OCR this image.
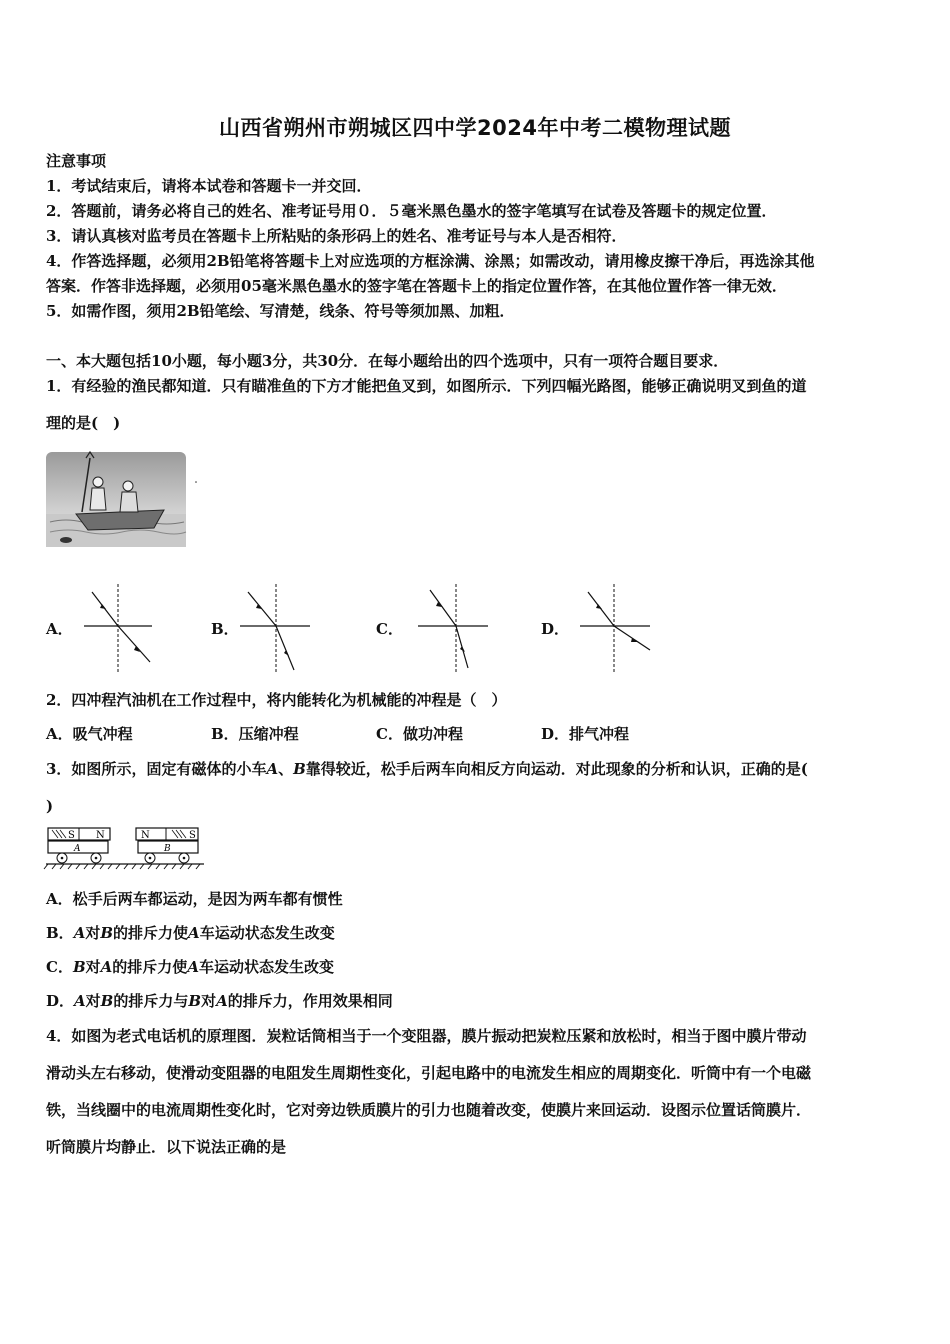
山西省朔州市朔城区四中学2024年中考二模物理试题
注意事项
1．考试结束后，请将本试卷和答题卡一并交回．
2．答题前，请务必将自己的姓名、准考证号用０．５毫米黑色墨水的签字笔填写在试卷及答题卡的规定位置．
3．请认真核对监考员在答题卡上所粘贴的条形码上的姓名、准考证号与本人是否相符．
4．作答选择题，必须用2B铅笔将答题卡上对应选项的方框涂满、涂黑；如需改动，请用橡皮擦干净后，再选涂其他
答案．作答非选择题，必须用05毫米黑色墨水的签字笔在答题卡上的指定位置作答，在其他位置作答一律无效．
5．如需作图，须用2B铅笔绘、写清楚，线条、符号等须加黑、加粗．
一、本大题包括10小题，每小题3分，共30分．在每小题给出的四个选项中，只有一项符合题目要求．
1．有经验的渔民都知道．只有瞄准鱼的下方才能把鱼叉到，如图所示．下列四幅光路图，能够正确说明叉到鱼的道
理的是(　)
A．	B．	C．	D．
2．四冲程汽油机在工作过程中，将内能转化为机械能的冲程是（　）
A．吸气冲程	B．压缩冲程	C．做功冲程	D．排气冲程
3．如图所示，固定有磁体的小车A、B靠得较近，松手后两车向相反方向运动．对此现象的分析和认识，正确的是(
)
S N
A
N	S
B
A．松手后两车都运动，是因为两车都有惯性
B．A对B的排斥力使A车运动状态发生改变
C．B对A的排斥力使A车运动状态发生改变
D．A对B的排斥力与B对A的排斥力，作用效果相同
4．如图为老式电话机的原理图．炭粒话筒相当于一个变阻器，膜片振动把炭粒压紧和放松时，相当于图中膜片带动
滑动头左右移动，使滑动变阻器的电阻发生周期性变化，引起电路中的电流发生相应的周期变化．听筒中有一个电磁
铁，当线圈中的电流周期性变化时，它对旁边铁质膜片的引力也随着改变，使膜片来回运动．设图示位置话筒膜片．
听筒膜片均静止．以下说法正确的是
